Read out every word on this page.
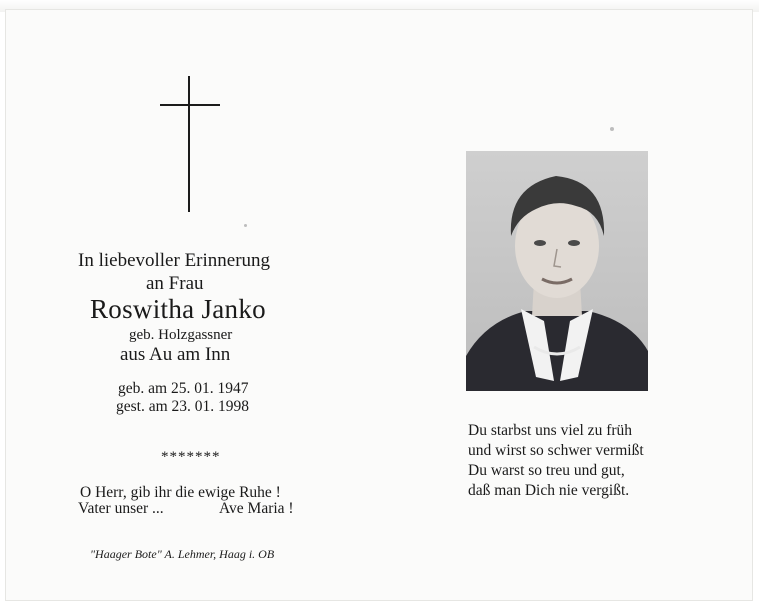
In liebevoller Erinnerung
an Frau
Roswitha Janko
geb. Holzgassner
aus Au am Inn
geb. am 25. 01. 1947
gest. am 23. 01. 1998
*******
O Herr, gib ihr die ewige Ruhe !
Vater unser ...	Ave Maria !
"Haager Bote" A. Lehmer, Haag i. OB
Du starbst uns viel zu früh
und wirst so schwer vermißt
Du warst so treu und gut,
daß man Dich nie vergißt.
